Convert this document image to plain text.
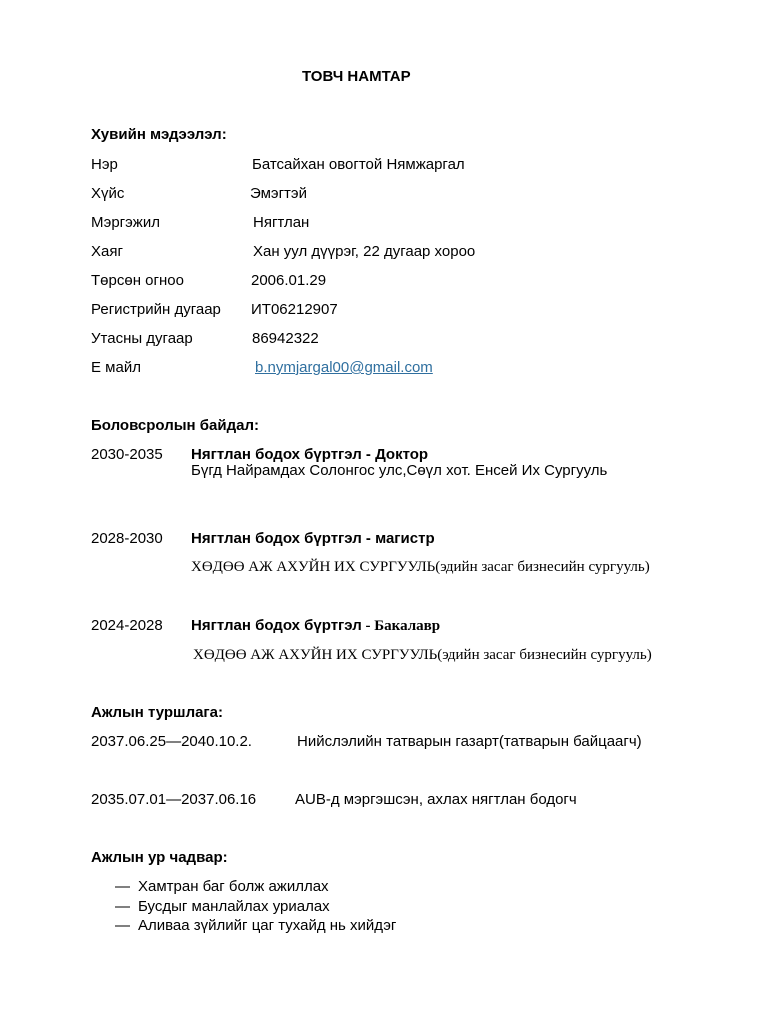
ТОВЧ НАМТАР
Хувийн мэдээлэл:
Нэр	Батсайхан овогтой Нямжаргал
Хүйс	Эмэгтэй
Мэргэжил	Нягтлан
Хаяг	Хан уул дүүрэг, 22 дугаар хороо
Төрсөн огноо	2006.01.29
Регистрийн дугаар ИТ06212907
Утасны дугаар	86942322
Е майл	b.nymjargal00@gmail.com
Боловсролын байдал:
2030-2035 Нягтлан бодох бүртгэл - Доктор
Бүгд Найрамдах Солонгос улс,Сөүл хот. Енсей Их Сургууль
2028-2030 Нягтлан бодох бүртгэл - магистр
ХӨДӨӨ АЖ АХУЙН ИХ СУРГУУЛЬ(эдийн засаг бизнесийн сургууль)
2024-2028 Нягтлан бодох бүртгэл - Бакалавр
ХӨДӨӨ АЖ АХУЙН ИХ СУРГУУЛЬ(эдийн засаг бизнесийн сургууль)
Ажлын туршлага:
2037.06.25—2040.10.2.	Нийслэлийн татварын газарт(татварын байцаагч)
2035.07.01—2037.06.16	AUB-д мэргэшсэн, ахлах нягтлан бодогч
Ажлын ур чадвар:
— Хамтран баг болж ажиллах
— Бусдыг манлайлах уриалах
— Аливаа зүйлийг цаг тухайд нь хийдэг
